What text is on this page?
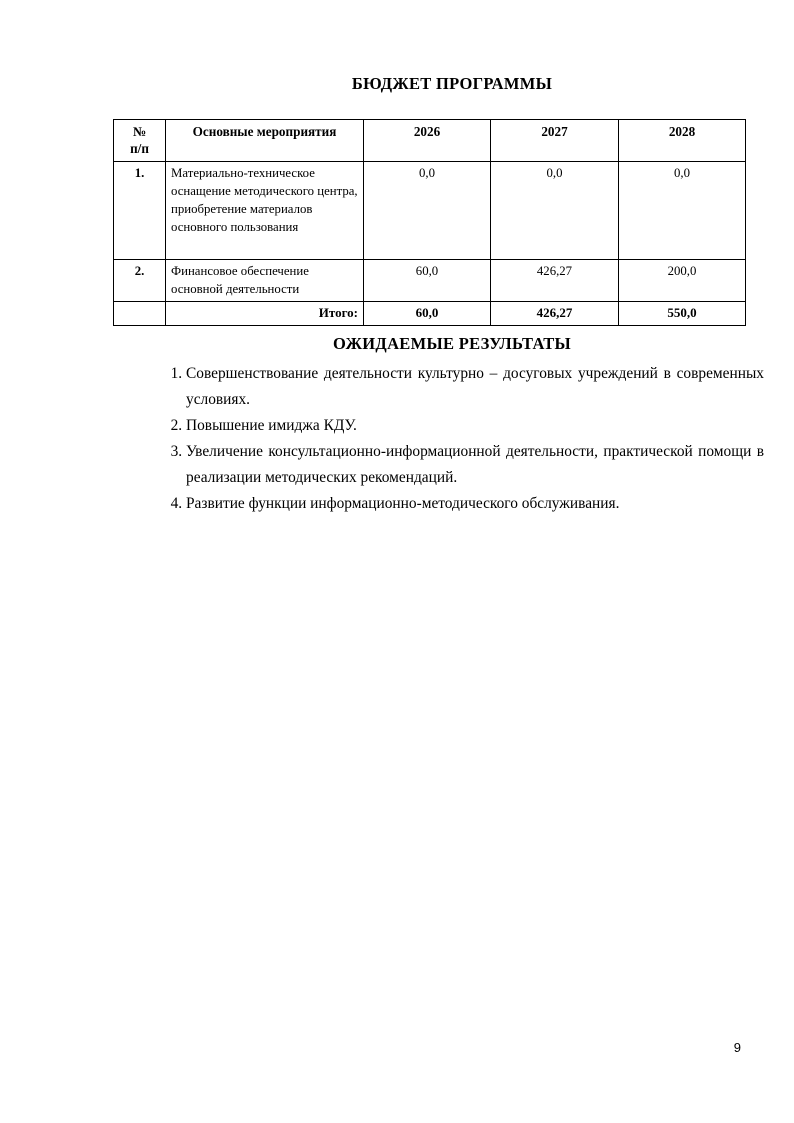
БЮДЖЕТ ПРОГРАММЫ
№
п/п	Основные мероприятия	2026	2027	2028
1.	Материально-техническое оснащение методического центра, приобретение материалов основного пользования	0,0	0,0	0,0
2.	Финансовое обеспечение основной деятельности	60,0	426,27	200,0
	Итого:	60,0	426,27	550,0
ОЖИДАЕМЫЕ РЕЗУЛЬТАТЫ
1. Совершенствование деятельности культурно – досуговых учреждений в современных условиях.
2. Повышение имиджа КДУ.
3. Увеличение консультационно-информационной деятельности, практической помощи в реализации методических рекомендаций.
4. Развитие функции информационно-методического обслуживания.
9
